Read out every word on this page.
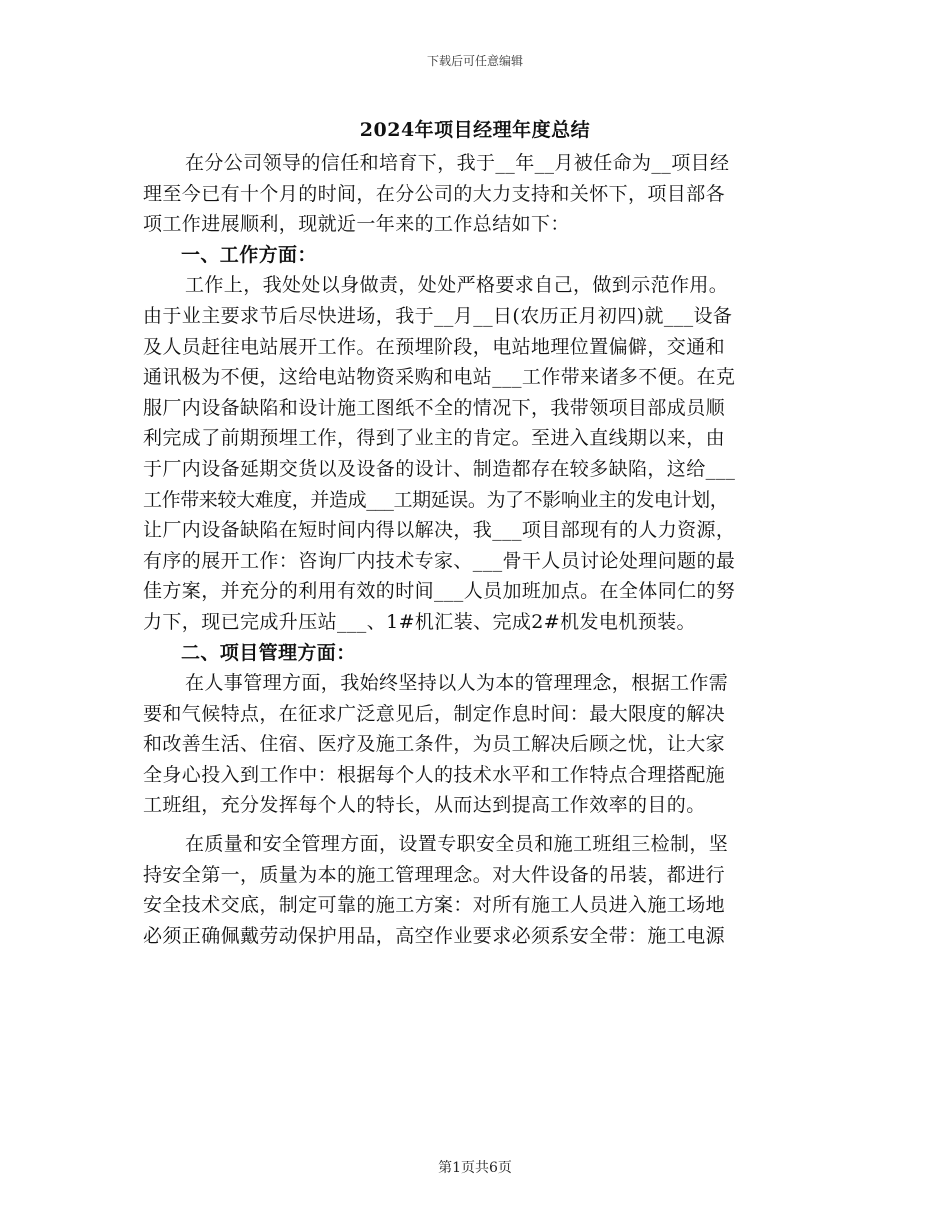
下载后可任意编辑
2024年项目经理年度总结
在分公司领导的信任和培育下，我于__年__月被任命为__项目经
理至今已有十个月的时间，在分公司的大力支持和关怀下，项目部各
项工作进展顺利，现就近一年来的工作总结如下：
一、工作方面：
工作上，我处处以身做责，处处严格要求自己，做到示范作用。
由于业主要求节后尽快进场，我于__月__日(农历正月初四)就___设备
及人员赶往电站展开工作。在预埋阶段，电站地理位置偏僻，交通和
通讯极为不便，这给电站物资采购和电站___工作带来诸多不便。在克
服厂内设备缺陷和设计施工图纸不全的情况下，我带领项目部成员顺
利完成了前期预埋工作，得到了业主的肯定。至进入直线期以来，由
于厂内设备延期交货以及设备的设计、制造都存在较多缺陷，这给___
工作带来较大难度，并造成___工期延误。为了不影响业主的发电计划，
让厂内设备缺陷在短时间内得以解决，我___项目部现有的人力资源，
有序的展开工作：咨询厂内技术专家、___骨干人员讨论处理问题的最
佳方案，并充分的利用有效的时间___人员加班加点。在全体同仁的努
力下，现已完成升压站___、1#机汇装、完成2#机发电机预装。
二、项目管理方面：
在人事管理方面，我始终坚持以人为本的管理理念，根据工作需
要和气候特点，在征求广泛意见后，制定作息时间：最大限度的解决
和改善生活、住宿、医疗及施工条件，为员工解决后顾之忧，让大家
全身心投入到工作中：根据每个人的技术水平和工作特点合理搭配施
工班组，充分发挥每个人的特长，从而达到提高工作效率的目的。
在质量和安全管理方面，设置专职安全员和施工班组三检制，坚
持安全第一，质量为本的施工管理理念。对大件设备的吊装，都进行
安全技术交底，制定可靠的施工方案：对所有施工人员进入施工场地
必须正确佩戴劳动保护用品，高空作业要求必须系安全带：施工电源
第1页共6页
